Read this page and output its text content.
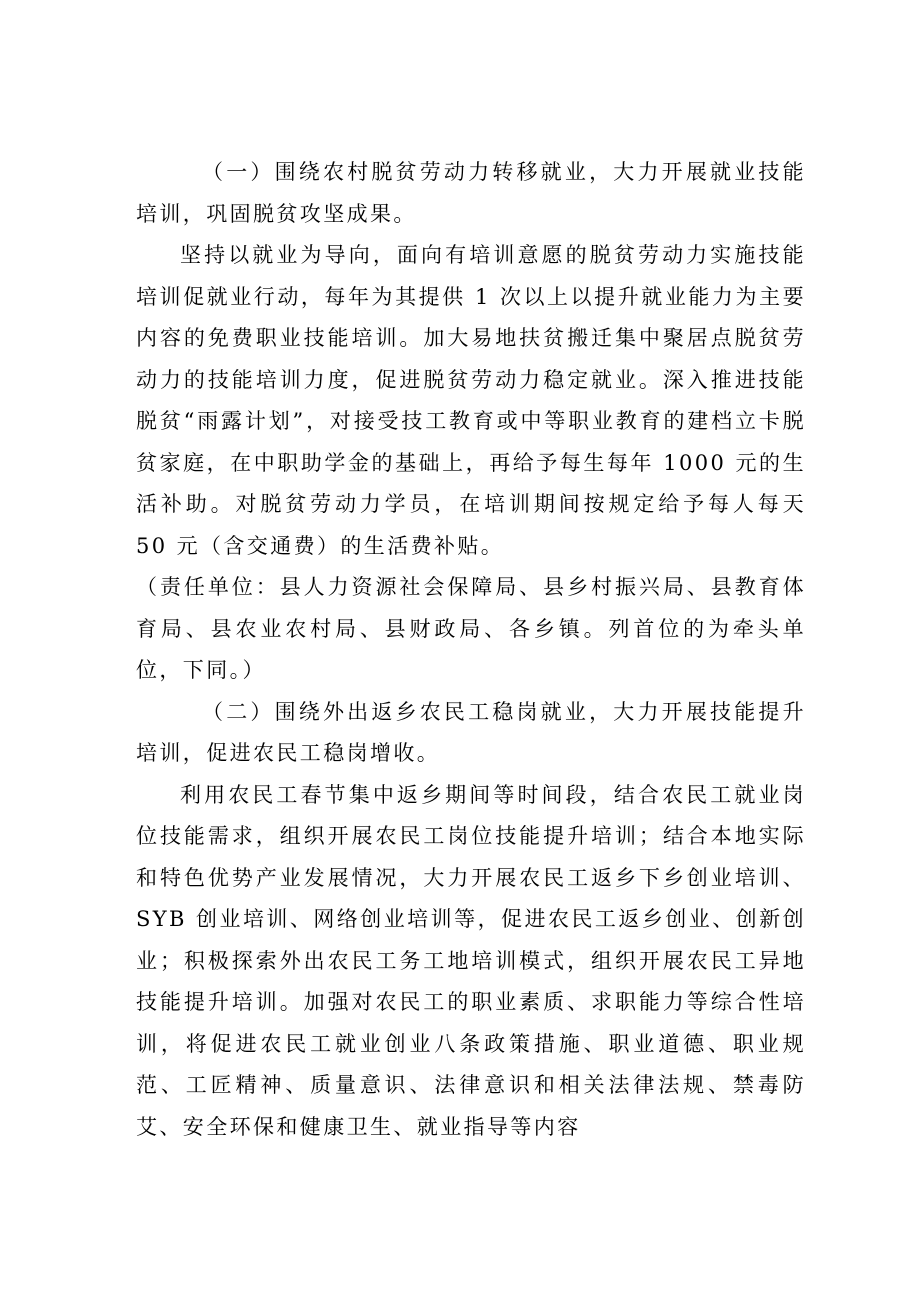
（一）围绕农村脱贫劳动力转移就业，大力开展就业技能培训，巩固脱贫攻坚成果。

坚持以就业为导向，面向有培训意愿的脱贫劳动力实施技能培训促就业行动，每年为其提供 1 次以上以提升就业能力为主要内容的免费职业技能培训。加大易地扶贫搬迁集中聚居点脱贫劳动力的技能培训力度，促进脱贫劳动力稳定就业。深入推进技能脱贫“雨露计划”，对接受技工教育或中等职业教育的建档立卡脱贫家庭，在中职助学金的基础上，再给予每生每年 1000 元的生活补助。对脱贫劳动力学员，在培训期间按规定给予每人每天 50 元（含交通费）的生活费补贴。

（责任单位：县人力资源社会保障局、县乡村振兴局、县教育体育局、县农业农村局、县财政局、各乡镇。列首位的为牵头单位，下同。）

（二）围绕外出返乡农民工稳岗就业，大力开展技能提升培训，促进农民工稳岗增收。

利用农民工春节集中返乡期间等时间段，结合农民工就业岗位技能需求，组织开展农民工岗位技能提升培训；结合本地实际和特色优势产业发展情况，大力开展农民工返乡下乡创业培训、SYB 创业培训、网络创业培训等，促进农民工返乡创业、创新创业；积极探索外出农民工务工地培训模式，组织开展农民工异地技能提升培训。加强对农民工的职业素质、求职能力等综合性培训，将促进农民工就业创业八条政策措施、职业道德、职业规范、工匠精神、质量意识、法律意识和相关法律法规、禁毒防艾、安全环保和健康卫生、就业指导等内容
